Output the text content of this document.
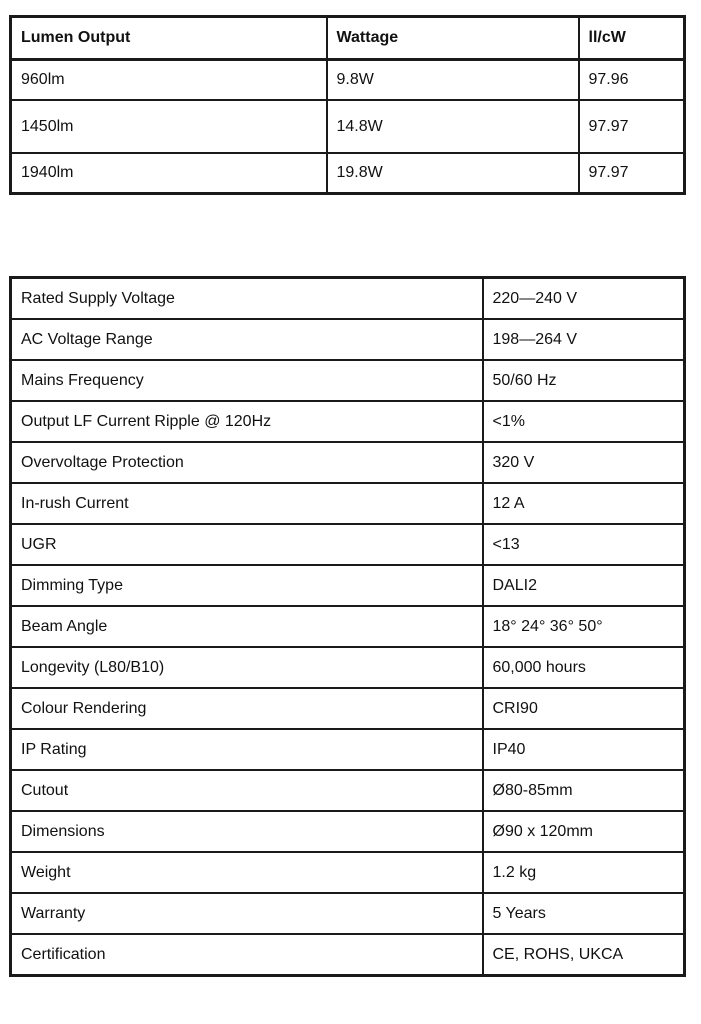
Lumen Output	Wattage	ll/cW
960lm	9.8W	97.96
1450lm	14.8W	97.97
1940lm	19.8W	97.97
Rated Supply Voltage	220—240 V
AC Voltage Range	198—264 V
Mains Frequency	50/60 Hz
Output LF Current Ripple @ 120Hz	<1%
Overvoltage Protection	320 V
In-rush Current	12 A
UGR	<13
Dimming Type	DALI2
Beam Angle	18° 24° 36° 50°
Longevity (L80/B10)	60,000 hours
Colour Rendering	CRI90
IP Rating	IP40
Cutout	Ø80-85mm
Dimensions	Ø90 x 120mm
Weight	1.2 kg
Warranty	5 Years
Certification	CE, ROHS, UKCA
